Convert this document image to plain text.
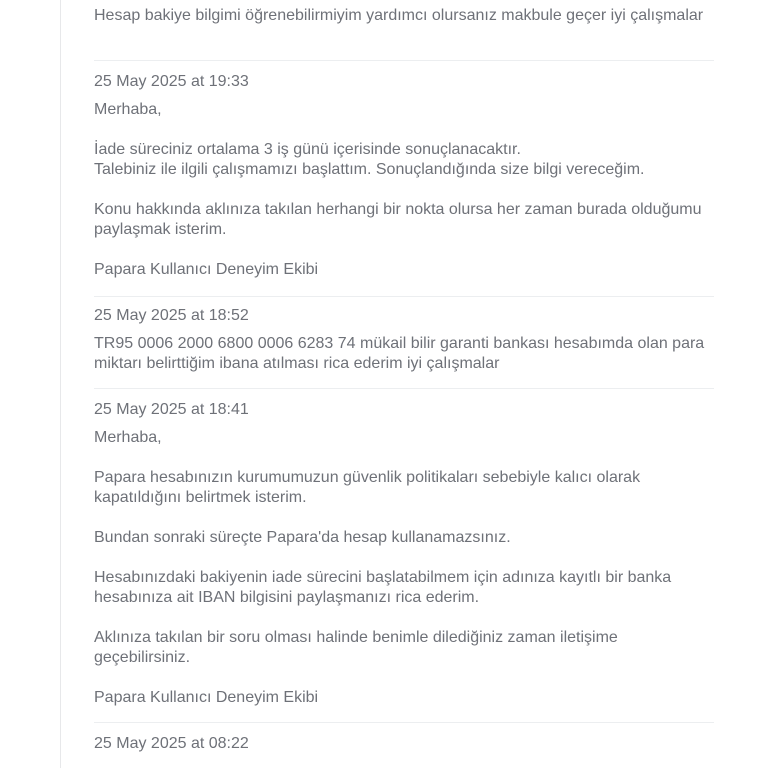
Hesap bakiye bilgimi öğrenebilirmiyim yardımcı olursanız makbule geçer iyi çalışmalar

25 May 2025 at 19:33

Merhaba,

İade süreciniz ortalama 3 iş günü içerisinde sonuçlanacaktır.
Talebiniz ile ilgili çalışmamızı başlattım. Sonuçlandığında size bilgi vereceğim.

Konu hakkında aklınıza takılan herhangi bir nokta olursa her zaman burada olduğumu paylaşmak isterim.

Papara Kullanıcı Deneyim Ekibi

25 May 2025 at 18:52

TR95 0006 2000 6800 0006 6283 74 mükail bilir garanti bankası hesabımda olan para miktarı belirttiğim ibana atılması rica ederim iyi çalışmalar

25 May 2025 at 18:41

Merhaba,

Papara hesabınızın kurumumuzun güvenlik politikaları sebebiyle kalıcı olarak kapatıldığını belirtmek isterim.

Bundan sonraki süreçte Papara'da hesap kullanamazsınız.

Hesabınızdaki bakiyenin iade sürecini başlatabilmem için adınıza kayıtlı bir banka hesabınıza ait IBAN bilgisini paylaşmanızı rica ederim.

Aklınıza takılan bir soru olması halinde benimle dilediğiniz zaman iletişime geçebilirsiniz.

Papara Kullanıcı Deneyim Ekibi

25 May 2025 at 08:22
